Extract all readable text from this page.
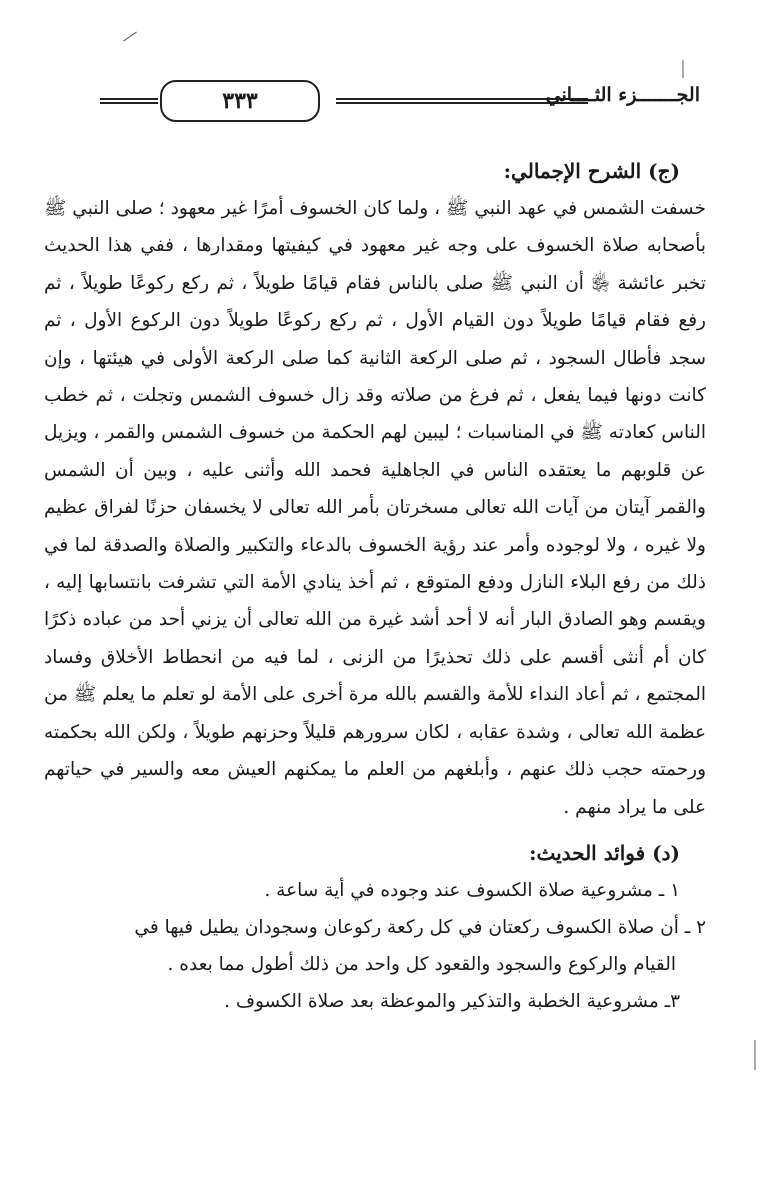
٣٣٣	الجـــــــزء الثــــاني
(ج) الشرح الإجمالي:

خسفت الشمس في عهد النبي ﷺ ، ولما كان الخسوف أمرًا غير معهود ؛ صلى النبي ﷺ بأصحابه صلاة الخسوف على وجه غير معهود في كيفيتها ومقدارها ، ففي هذا الحديث تخبر عائشة ﵂ أن النبي ﷺ صلى بالناس فقام قيامًا طويلاً ، ثم ركع ركوعًا طويلاً ، ثم رفع فقام قيامًا طويلاً دون القيام الأول ، ثم ركع ركوعًا طويلاً دون الركوع الأول ، ثم سجد فأطال السجود ، ثم صلى الركعة الثانية كما صلى الركعة الأولى في هيئتها ، وإن كانت دونها فيما يفعل ، ثم فرغ من صلاته وقد زال خسوف الشمس وتجلت ، ثم خطب الناس كعادته ﷺ في المناسبات ؛ ليبين لهم الحكمة من خسوف الشمس والقمر ، ويزيل عن قلوبهم ما يعتقده الناس في الجاهلية فحمد الله وأثنى عليه ، وبين أن الشمس والقمر آيتان من آيات الله تعالى مسخرتان بأمر الله تعالى لا يخسفان حزنًا لفراق عظيم ولا غيره ، ولا لوجوده وأمر عند رؤية الخسوف بالدعاء والتكبير والصلاة والصدقة لما في ذلك من رفع البلاء النازل ودفع المتوقع ، ثم أخذ ينادي الأمة التي تشرفت بانتسابها إليه ، ويقسم وهو الصادق البار أنه لا أحد أشد غيرة من الله تعالى أن يزني أحد من عباده ذكرًا كان أم أنثى أقسم على ذلك تحذيرًا من الزنى ، لما فيه من انحطاط الأخلاق وفساد المجتمع ، ثم أعاد النداء للأمة والقسم بالله مرة أخرى على الأمة لو تعلم ما يعلم ﷺ من عظمة الله تعالى ، وشدة عقابه ، لكان سرورهم قليلاً وحزنهم طويلاً ، ولكن الله بحكمته ورحمته حجب ذلك عنهم ، وأبلغهم من العلم ما يمكنهم العيش معه والسير في حياتهم على ما يراد منهم .

(د) فوائد الحديث:
١ ـ مشروعية صلاة الكسوف عند وجوده في أية ساعة .
٢ ـ أن صلاة الكسوف ركعتان في كل ركعة ركوعان وسجودان يطيل فيها في
القيام والركوع والسجود والقعود كل واحد من ذلك أطول مما بعده .
٣ـ مشروعية الخطبة والتذكير والموعظة بعد صلاة الكسوف .
